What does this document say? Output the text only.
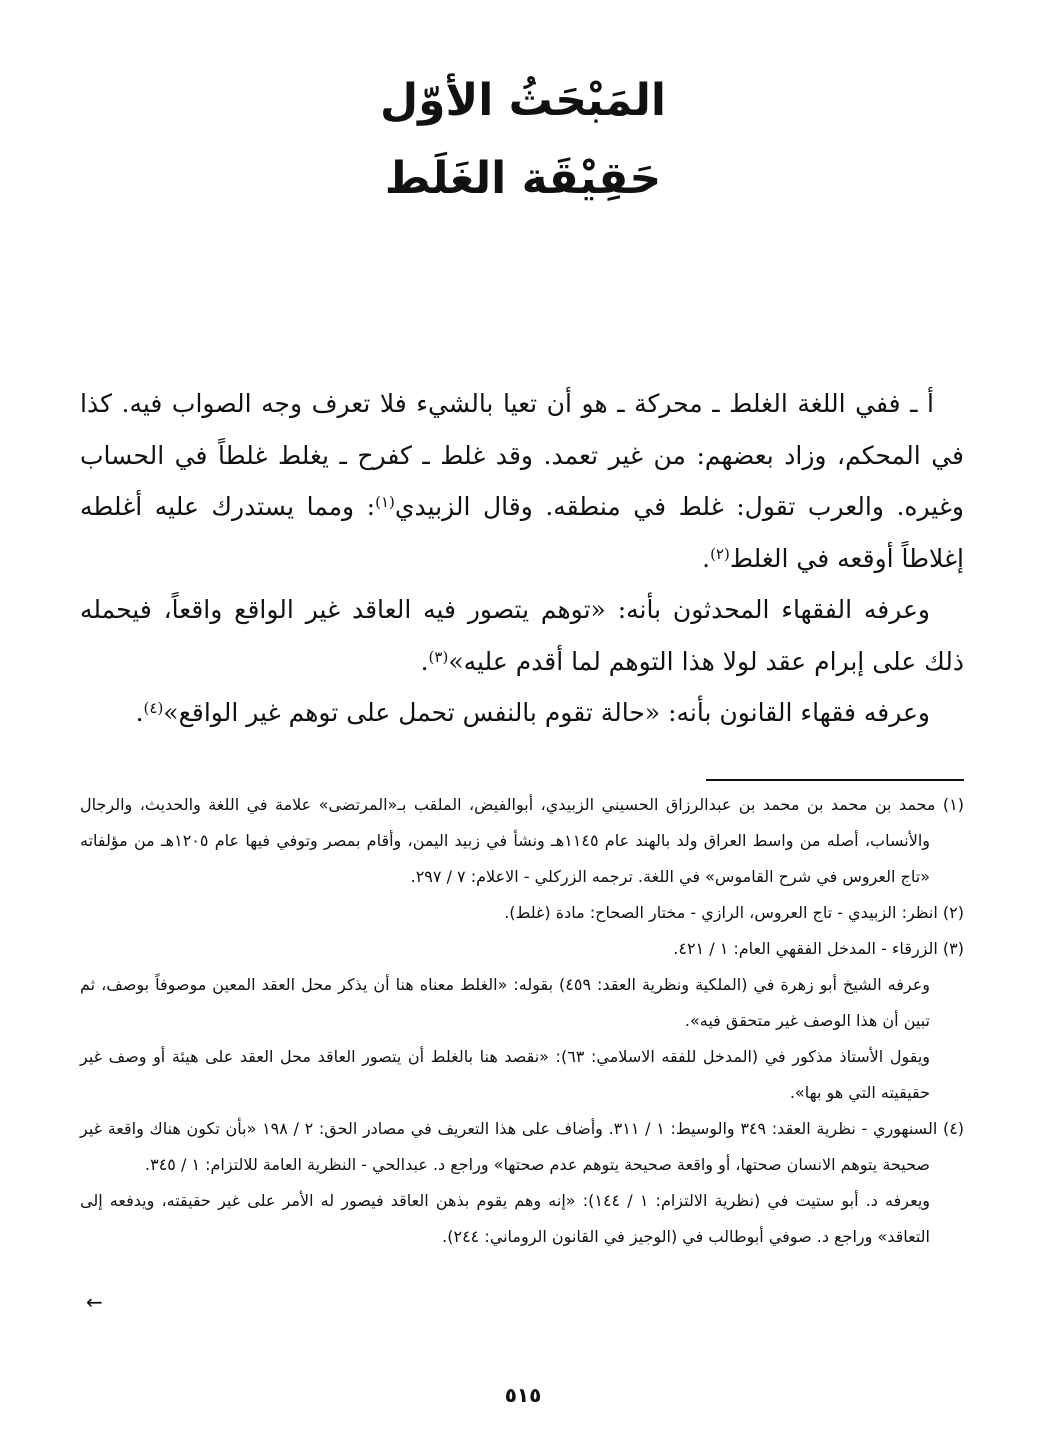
المَبْحَثُ الأوّل
حَقِيْقَة الغَلَط

أ ـ ففي اللغة الغلط ـ محركة ـ هو أن تعيا بالشيء فلا تعرف وجه الصواب فيه. كذا في المحكم، وزاد بعضهم: من غير تعمد. وقد غلط ـ كفرح ـ يغلط غلطاً في الحساب وغيره. والعرب تقول: غلط في منطقه. وقال الزبيدي$^{(١)}$: ومما يستدرك عليه أغلطه إغلاطاً أوقعه في الغلط$^{(٢)}$.

وعرفه الفقهاء المحدثون بأنه: «توهم يتصور فيه العاقد غير الواقع واقعاً، فيحمله ذلك على إبرام عقد لولا هذا التوهم لما أقدم عليه»$^{(٣)}$.

وعرفه فقهاء القانون بأنه: «حالة تقوم بالنفس تحمل على توهم غير الواقع»$^{(٤)}$.

(١) محمد بن محمد بن محمد بن عبدالرزاق الحسيني الزبيدي، أبوالفيض، الملقب بـ«المرتضى» علامة في اللغة والحديث، والرجال والأنساب، أصله من واسط العراق ولد بالهند عام ١١٤٥هـ ونشأ في زبيد اليمن، وأقام بمصر وتوفي فيها عام ١٢٠٥هـ من مؤلفاته «تاج العروس في شرح القاموس» في اللغة. ترجمه الزركلي - الاعلام: ٧ / ٢٩٧.

(٢) انظر: الزبيدي - تاج العروس، الرازي - مختار الصحاح: مادة (غلط).

(٣) الزرقاء - المدخل الفقهي العام: ١ / ٤٢١.

وعرفه الشيخ أبو زهرة في (الملكية ونظرية العقد: ٤٥٩) بقوله: «الغلط معناه هنا أن يذكر محل العقد المعين موصوفاً بوصف، ثم تبين أن هذا الوصف غير متحقق فيه».

ويقول الأستاذ مذكور في (المدخل للفقه الاسلامي: ٦٣): «نقصد هنا بالغلط أن يتصور العاقد محل العقد على هيئة أو وصف غير حقيقيته التي هو بها».

(٤) السنهوري - نظرية العقد: ٣٤٩ والوسيط: ١ / ٣١١. وأضاف على هذا التعريف في مصادر الحق: ٢ / ١٩٨ «بأن تكون هناك واقعة غير صحيحة يتوهم الانسان صحتها، أو واقعة صحيحة يتوهم عدم صحتها» وراجع د. عبدالحي - النظرية العامة للالتزام: ١ / ٣٤٥.

ويعرفه د. أبو ستيت في (نظرية الالتزام: ١ / ١٤٤): «إنه وهم يقوم بذهن العاقد فيصور له الأمر على غير حقيقته، ويدفعه إلى التعاقد» وراجع د. صوفي أبوطالب في (الوجيز في القانون الروماني: ٢٤٤).

←
٥١٥
